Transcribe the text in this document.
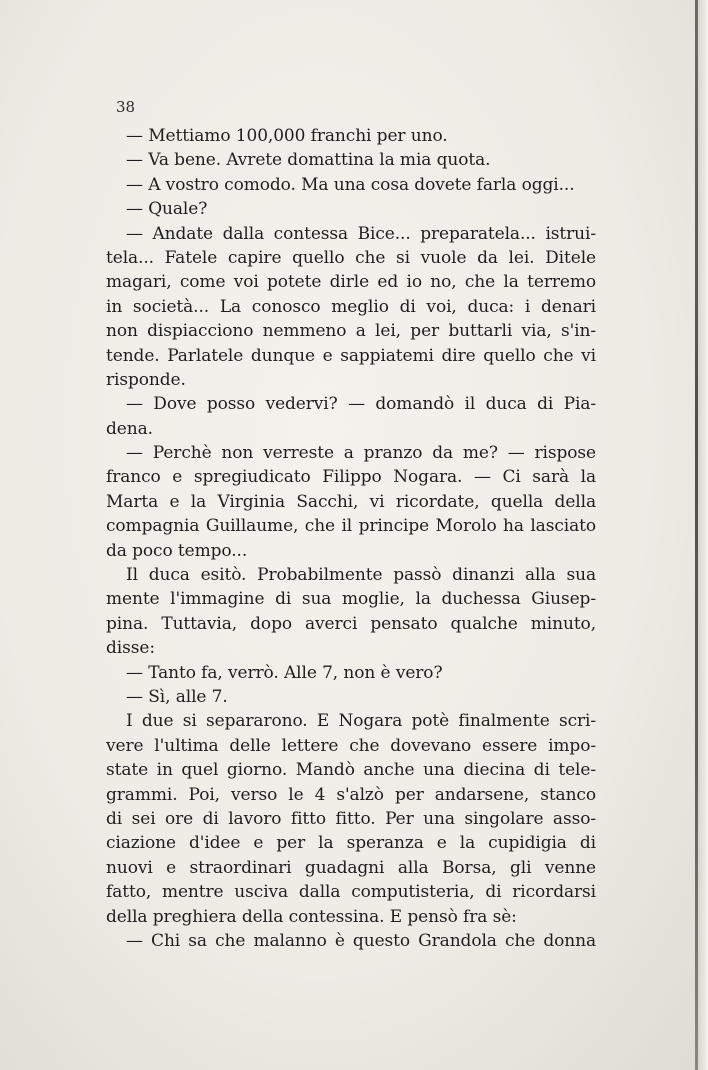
38
— Mettiamo 100,000 franchi per uno.
— Va bene. Avrete domattina la mia quota.
— A vostro comodo. Ma una cosa dovete farla oggi...
— Quale?
— Andate dalla contessa Bice... preparatela... istrui-
tela... Fatele capire quello che si vuole da lei. Ditele
magari, come voi potete dirle ed io no, che la terremo
in società... La conosco meglio di voi, duca: i denari
non dispiacciono nemmeno a lei, per buttarli via, s'in-
tende. Parlatele dunque e sappiatemi dire quello che vi
risponde.
— Dove posso vedervi? — domandò il duca di Pia-
dena.
— Perchè non verreste a pranzo da me? — rispose
franco e spregiudicato Filippo Nogara. — Ci sarà la
Marta e la Virginia Sacchi, vi ricordate, quella della
compagnia Guillaume, che il principe Morolo ha lasciato
da poco tempo...
Il duca esitò. Probabilmente passò dinanzi alla sua
mente l'immagine di sua moglie, la duchessa Giusep-
pina. Tuttavia, dopo averci pensato qualche minuto,
disse:
— Tanto fa, verrò. Alle 7, non è vero?
— Sì, alle 7.
I due si separarono. E Nogara potè finalmente scri-
vere l'ultima delle lettere che dovevano essere impo-
state in quel giorno. Mandò anche una diecina di tele-
grammi. Poi, verso le 4 s'alzò per andarsene, stanco
di sei ore di lavoro fitto fitto. Per una singolare asso-
ciazione d'idee e per la speranza e la cupidigia di
nuovi e straordinari guadagni alla Borsa, gli venne
fatto, mentre usciva dalla computisteria, di ricordarsi
della preghiera della contessina. E pensò fra sè:
— Chi sa che malanno è questo Grandola che donna
